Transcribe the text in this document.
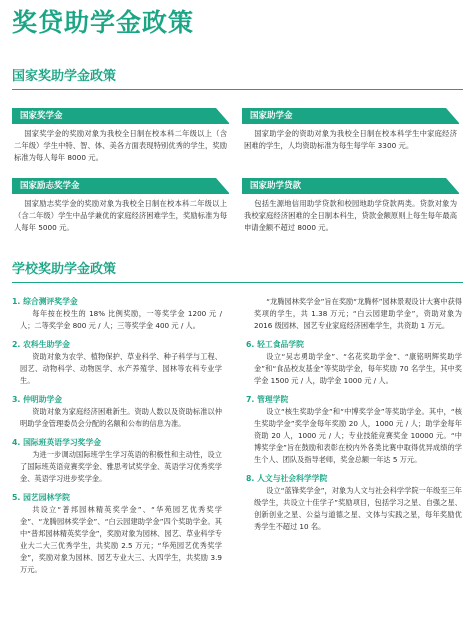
奖贷助学金政策
国家奖助学金政策
国家奖学金
国家奖学金的奖励对象为我校全日制在校本科二年级以上（含二年级）学生中特、智、体、美各方面表现特别优秀的学生，奖励标准为每人每年 8000 元。
国家助学金
国家助学金的资助对象为我校全日制在校本科学生中家庭经济困难的学生，人均资助标准为每生每学年 3300 元。
国家励志奖学金
国家励志奖学金的奖励对象为我校全日制在校本科二年级以上（含二年级）学生中品学兼优的家庭经济困难学生，奖励标准为每人每年 5000 元。
国家助学贷款
包括生源地信用助学贷款和校园地助学贷款两类。贷款对象为我校家庭经济困难的全日制本科生，贷款金额原则上每生每年最高申请金额不超过 8000 元。
学校奖助学金政策
1. 综合测评奖学金
每年按在校生的 18% 比例奖励，一等奖学金 1200 元 / 人；二等奖学金 800 元 / 人；三等奖学金 400 元 / 人。
2. 农科生助学金
资助对象为农学、植物保护、草业科学、种子科学与工程、园艺、动物科学、动物医学、水产养殖学、园林等农科专业学生。
3. 仲明助学金
资助对象为家庭经济困难新生。资助人数以及资助标准以仲明助学金管理委员会分配的名额和公布的信息为准。
4. 国际班英语学习奖学金
为进一步调动国际班学生学习英语的积极性和主动性，设立了国际班英语竞赛奖学金、雅思考试奖学金、英语学习优秀奖学金、英语学习进步奖学金。
5. 园艺园林学院
共设立“普邦园林精英奖学金”、“华苑园艺优秀奖学金”、“龙腾园林奖学金”、“白云园建助学金”四个奖助学金。其中“普邦园林精英奖学金”，奖励对象为园林、园艺、草业科学专业大二大三优秀学生，共奖励 2.5 万元；“华苑园艺优秀奖学金”，奖励对象为园林、园艺专业大三、大四学生，共奖励 3.9 万元。
“龙腾园林奖学金”旨在奖励“龙腾杯”园林景观设计大赛中获得奖项的学生，共 1.38 万元；“白云园建助学金”，资助对象为 2016 级园林、园艺专业家庭经济困难学生，共资助 1 万元。
6. 轻工食品学院
设立“吴志勇助学金”、“名花奖助学金”、“康铭明辉奖助学金”和“食品校友基金”等奖助学金，每年奖励 70 名学生，其中奖学金 1500 元 / 人，助学金 1000 元 / 人。
7. 管理学院
设立“核生奖助学金”和“中博奖学金”等奖助学金。其中，“核生奖助学金”奖学金每年奖励 20 人，1000 元 / 人；助学金每年资助 20 人，1000 元 / 人；专业技能竞赛奖金 10000 元。“中博奖学金”旨在鼓励和表彰在校内外各类比赛中取得优异成绩的学生个人、团队及指导老师，奖金总额一年达 5 万元。
8. 人文与社会科学学院
设立“蓝锋奖学金”，对象为人文与社会科学学院一年级至三年级学生，共设立十佳学子”奖励项目，包括学习之星、自强之星、创新创业之星、公益与道德之星、文体与实践之星，每年奖励优秀学生不超过 10 名。
